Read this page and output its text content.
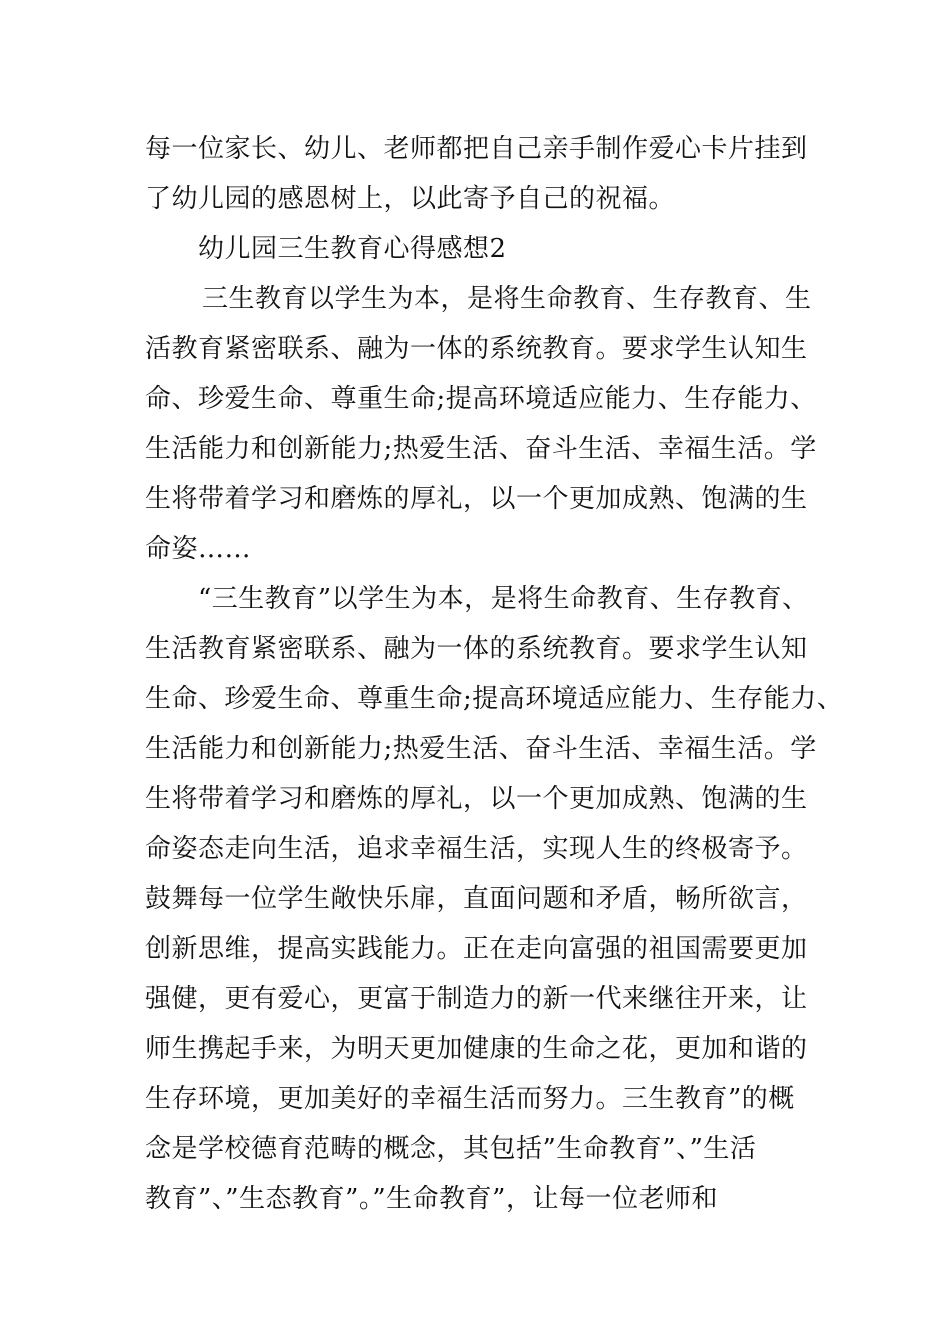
每一位家长、幼儿、老师都把自己亲手制作爱心卡片挂到
了幼儿园的感恩树上，以此寄予自己的祝福。
幼儿园三生教育心得感想2
三生教育以学生为本，是将生命教育、生存教育、生
活教育紧密联系、融为一体的系统教育。要求学生认知生
命、珍爱生命、尊重生命;提高环境适应能力、生存能力、
生活能力和创新能力;热爱生活、奋斗生活、幸福生活。学
生将带着学习和磨炼的厚礼，以一个更加成熟、饱满的生
命姿……
“三生教育”以学生为本，是将生命教育、生存教育、
生活教育紧密联系、融为一体的系统教育。要求学生认知
生命、珍爱生命、尊重生命;提高环境适应能力、生存能力、
生活能力和创新能力;热爱生活、奋斗生活、幸福生活。学
生将带着学习和磨炼的厚礼，以一个更加成熟、饱满的生
命姿态走向生活，追求幸福生活，实现人生的终极寄予。
鼓舞每一位学生敞快乐扉，直面问题和矛盾，畅所欲言，
创新思维，提高实践能力。正在走向富强的祖国需要更加
强健，更有爱心，更富于制造力的新一代来继往开来，让
师生携起手来，为明天更加健康的生命之花，更加和谐的
生存环境，更加美好的幸福生活而努力。三生教育”的概
念是学校德育范畴的概念，其包括”生命教育”、”生活
教育”、”生态教育”。”生命教育”，让每一位老师和
